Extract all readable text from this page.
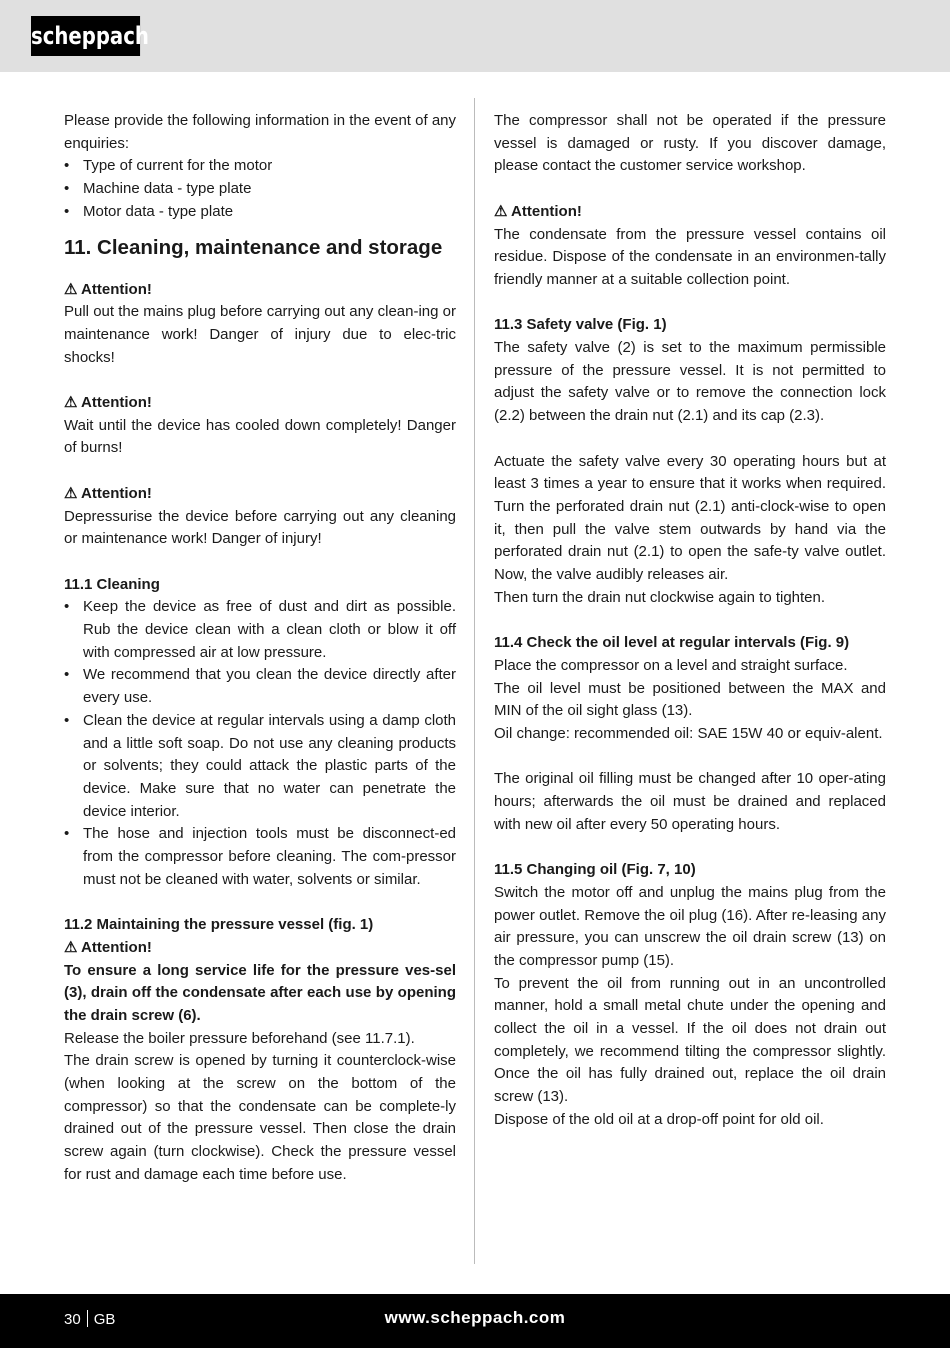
scheppach

Please provide the following information in the event of any enquiries:

• Type of current for the motor
• Machine data - type plate
• Motor data - type plate

11. Cleaning, maintenance and storage

⚠ Attention!

Pull out the mains plug before carrying out any clean-ing or maintenance work! Danger of injury due to elec-tric shocks!

⚠ Attention!

Wait until the device has cooled down completely! Danger of burns!

⚠ Attention!

Depressurise the device before carrying out any cleaning or maintenance work! Danger of injury!

11.1 Cleaning

• Keep the device as free of dust and dirt as possible. Rub the device clean with a clean cloth or blow it off with compressed air at low pressure.
• We recommend that you clean the device directly after every use.
• Clean the device at regular intervals using a damp cloth and a little soft soap. Do not use any cleaning products or solvents; they could attack the plastic parts of the device. Make sure that no water can penetrate the device interior.
• The hose and injection tools must be disconnect-ed from the compressor before cleaning. The com-pressor must not be cleaned with water, solvents or similar.

11.2 Maintaining the pressure vessel (fig. 1)

⚠ Attention!

To ensure a long service life for the pressure ves-sel (3), drain off the condensate after each use by opening the drain screw (6).

Release the boiler pressure beforehand (see 11.7.1).

The drain screw is opened by turning it counterclock-wise (when looking at the screw on the bottom of the compressor) so that the condensate can be complete-ly drained out of the pressure vessel. Then close the drain screw again (turn clockwise). Check the pressure vessel for rust and damage each time before use.

The compressor shall not be operated if the pressure vessel is damaged or rusty. If you discover damage, please contact the customer service workshop.

⚠ Attention!

The condensate from the pressure vessel contains oil residue. Dispose of the condensate in an environmen-tally friendly manner at a suitable collection point.

11.3 Safety valve (Fig. 1)

The safety valve (2) is set to the maximum permissible pressure of the pressure vessel. It is not permitted to adjust the safety valve or to remove the connection lock (2.2) between the drain nut (2.1) and its cap (2.3).

Actuate the safety valve every 30 operating hours but at least 3 times a year to ensure that it works when required. Turn the perforated drain nut (2.1) anti-clock-wise to open it, then pull the valve stem outwards by hand via the perforated drain nut (2.1) to open the safe-ty valve outlet. Now, the valve audibly releases air.

Then turn the drain nut clockwise again to tighten.

11.4 Check the oil level at regular intervals (Fig. 9)

Place the compressor on a level and straight surface.

The oil level must be positioned between the MAX and MIN of the oil sight glass (13).

Oil change: recommended oil: SAE 15W 40 or equiv-alent.

The original oil filling must be changed after 10 oper-ating hours; afterwards the oil must be drained and replaced with new oil after every 50 operating hours.

11.5 Changing oil (Fig. 7, 10)

Switch the motor off and unplug the mains plug from the power outlet. Remove the oil plug (16). After re-leasing any air pressure, you can unscrew the oil drain screw (13) on the compressor pump (15).

To prevent the oil from running out in an uncontrolled manner, hold a small metal chute under the opening and collect the oil in a vessel. If the oil does not drain out completely, we recommend tilting the compressor slightly. Once the oil has fully drained out, replace the oil drain screw (13).

Dispose of the old oil at a drop-off point for old oil.

30 GB	www.scheppach.com
